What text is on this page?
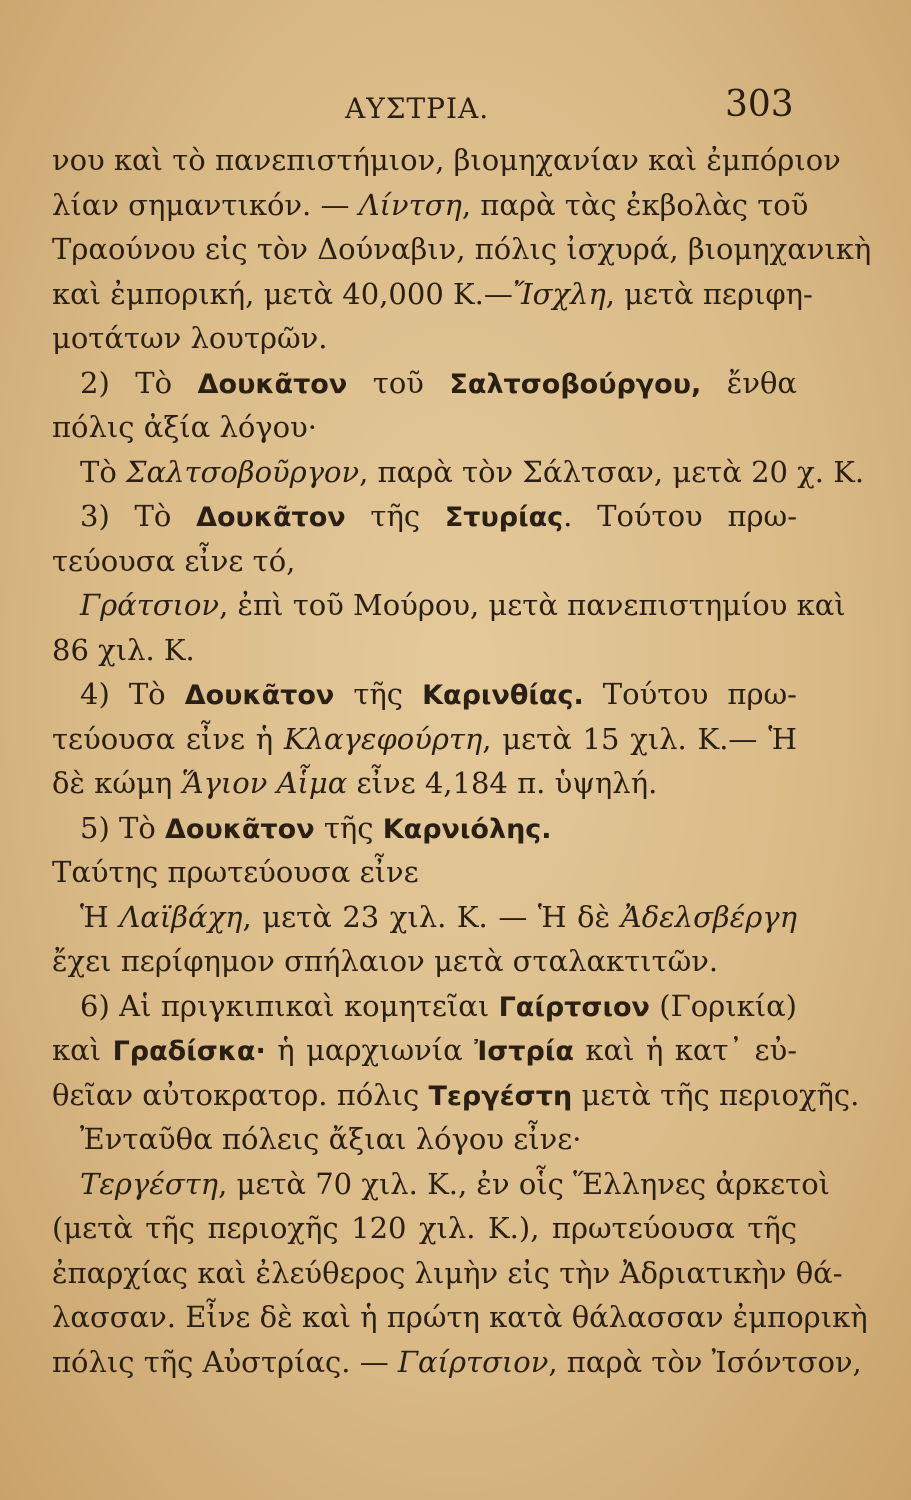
ΑΥΣΤΡΙΑ.	303
νου καὶ τὸ πανεπιστήμιον, βιομηχανίαν καὶ ἐμπόριον
λίαν σημαντικόν. — Λίντση, παρὰ τὰς ἐκβολὰς τοῦ
Τραούνου εἰς τὸν Δούναβιν, πόλις ἰσχυρά, βιομηχανικὴ
καὶ ἐμπορική, μετὰ 40,000 Κ.—Ἴσχλη, μετὰ περιφη-
μοτάτων λουτρῶν.
2) Τὸ Δουκᾶτον τοῦ Σαλτσοβούργου, ἔνθα
πόλις ἀξία λόγου·
Τὸ Σαλτσοβοῦργον, παρὰ τὸν Σάλτσαν, μετὰ 20 χ. Κ.
3) Τὸ Δουκᾶτον τῆς Στυρίας. Τούτου πρω-
τεύουσα εἶνε τό,
Γράτσιον, ἐπὶ τοῦ Μούρου, μετὰ πανεπιστημίου καὶ
86 χιλ. Κ.
4) Τὸ Δουκᾶτον τῆς Καρινθίας. Τούτου πρω-
τεύουσα εἶνε ἡ Κλαγεφούρτη, μετὰ 15 χιλ. Κ.— Ἡ
δὲ κώμη Ἅγιον Αἷμα εἶνε 4,184 π. ὑψηλή.
5) Τὸ Δουκᾶτον τῆς Καρνιόλης.
Ταύτης πρωτεύουσα εἶνε
Ἡ Λαϊβάχη, μετὰ 23 χιλ. Κ. — Ἡ δὲ Ἀδελσβέργη
ἔχει περίφημον σπήλαιον μετὰ σταλακτιτῶν.
6) Αἱ πριγκιπικαὶ κομητεῖαι Γαίρτσιον (Γορικία)
καὶ Γραδίσκα· ἡ μαρχιωνία Ἰστρία καὶ ἡ κατ᾽ εὐ-
θεῖαν αὐτοκρατορ. πόλις Τεργέστη μετὰ τῆς περιοχῆς.
Ἐνταῦθα πόλεις ἄξιαι λόγου εἶνε·
Τεργέστη, μετὰ 70 χιλ. Κ., ἐν οἷς Ἕλληνες ἀρκετοὶ
(μετὰ τῆς περιοχῆς 120 χιλ. Κ.), πρωτεύουσα τῆς
ἐπαρχίας καὶ ἐλεύθερος λιμὴν εἰς τὴν Ἀδριατικὴν θά-
λασσαν. Εἶνε δὲ καὶ ἡ πρώτη κατὰ θάλασσαν ἐμπορικὴ
πόλις τῆς Αὐστρίας. — Γαίρτσιον, παρὰ τὸν Ἰσόντσον,
